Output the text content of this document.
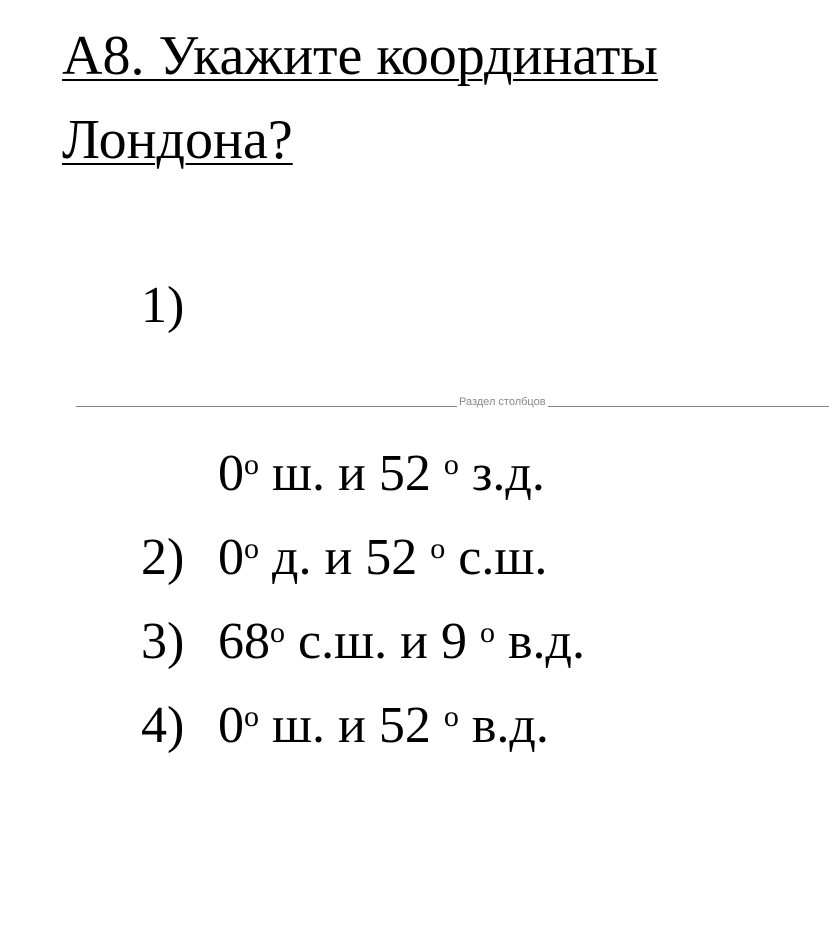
А8. Укажите координаты Лондона?
1)
Раздел столбцов
$0^о$ ш. и 52 $^о$ з.д.
2) $0^о$ д. и 52 $^о$ с.ш.
3) $68^о$ с.ш. и 9 $^о$ в.д.
4) $0^о$ ш. и 52 $^о$ в.д.
